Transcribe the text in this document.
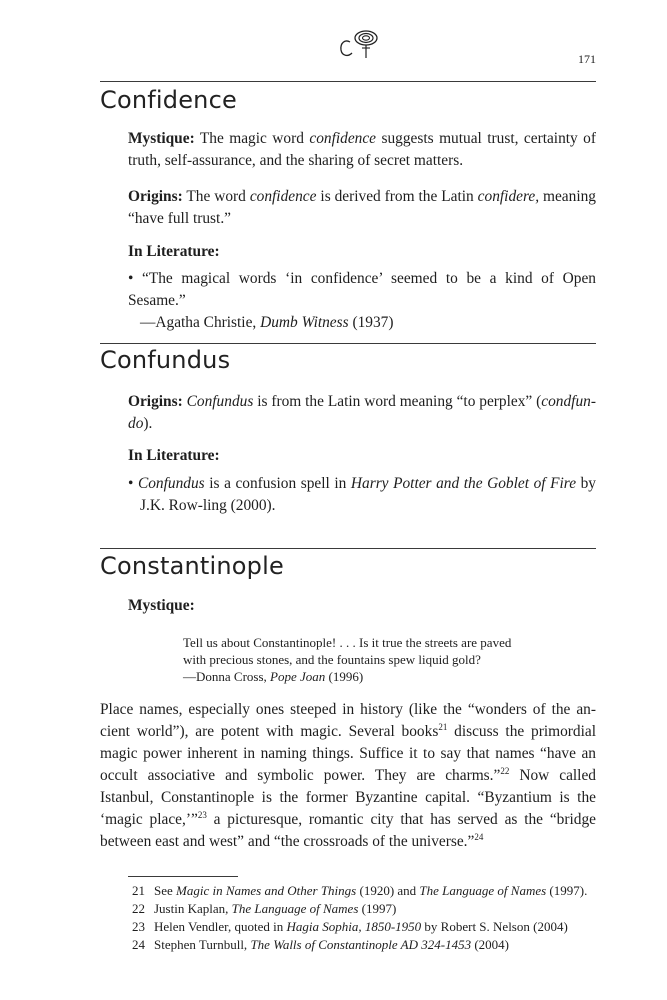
171
Confidence

Mystique: The magic word confidence suggests mutual trust, certainty of truth, self-assurance, and the sharing of secret matters.

Origins: The word confidence is derived from the Latin confidere, meaning “have full trust.”

In Literature:

• “The magical words ‘in confidence’ seemed to be a kind of Open Sesame.”
—Agatha Christie, Dumb Witness (1937)
Confundus

Origins: Confundus is from the Latin word meaning “to perplex” (condfun-do).

In Literature:

• Confundus is a confusion spell in Harry Potter and the Goblet of Fire by J.K. Row-ling (2000).
Constantinople

Mystique:

Tell us about Constantinople! . . . Is it true the streets are paved
with precious stones, and the fountains spew liquid gold?
—Donna Cross, Pope Joan (1996)

Place names, especially ones steeped in history (like the “wonders of the an-cient world”), are potent with magic. Several books$^{21}$ discuss the primordial magic power inherent in naming things. Suffice it to say that names “have an occult associative and symbolic power. They are charms.”$^{22}$ Now called Istanbul, Constantinople is the former Byzantine capital. “Byzantium is the ‘magic place,’”$^{23}$ a picturesque, romantic city that has served as the “bridge between east and west” and “the crossroads of the universe.”$^{24}$

21 See Magic in Names and Other Things (1920) and The Language of Names (1997).
22 Justin Kaplan, The Language of Names (1997)
23 Helen Vendler, quoted in Hagia Sophia, 1850-1950 by Robert S. Nelson (2004)
24 Stephen Turnbull, The Walls of Constantinople AD 324-1453 (2004)
